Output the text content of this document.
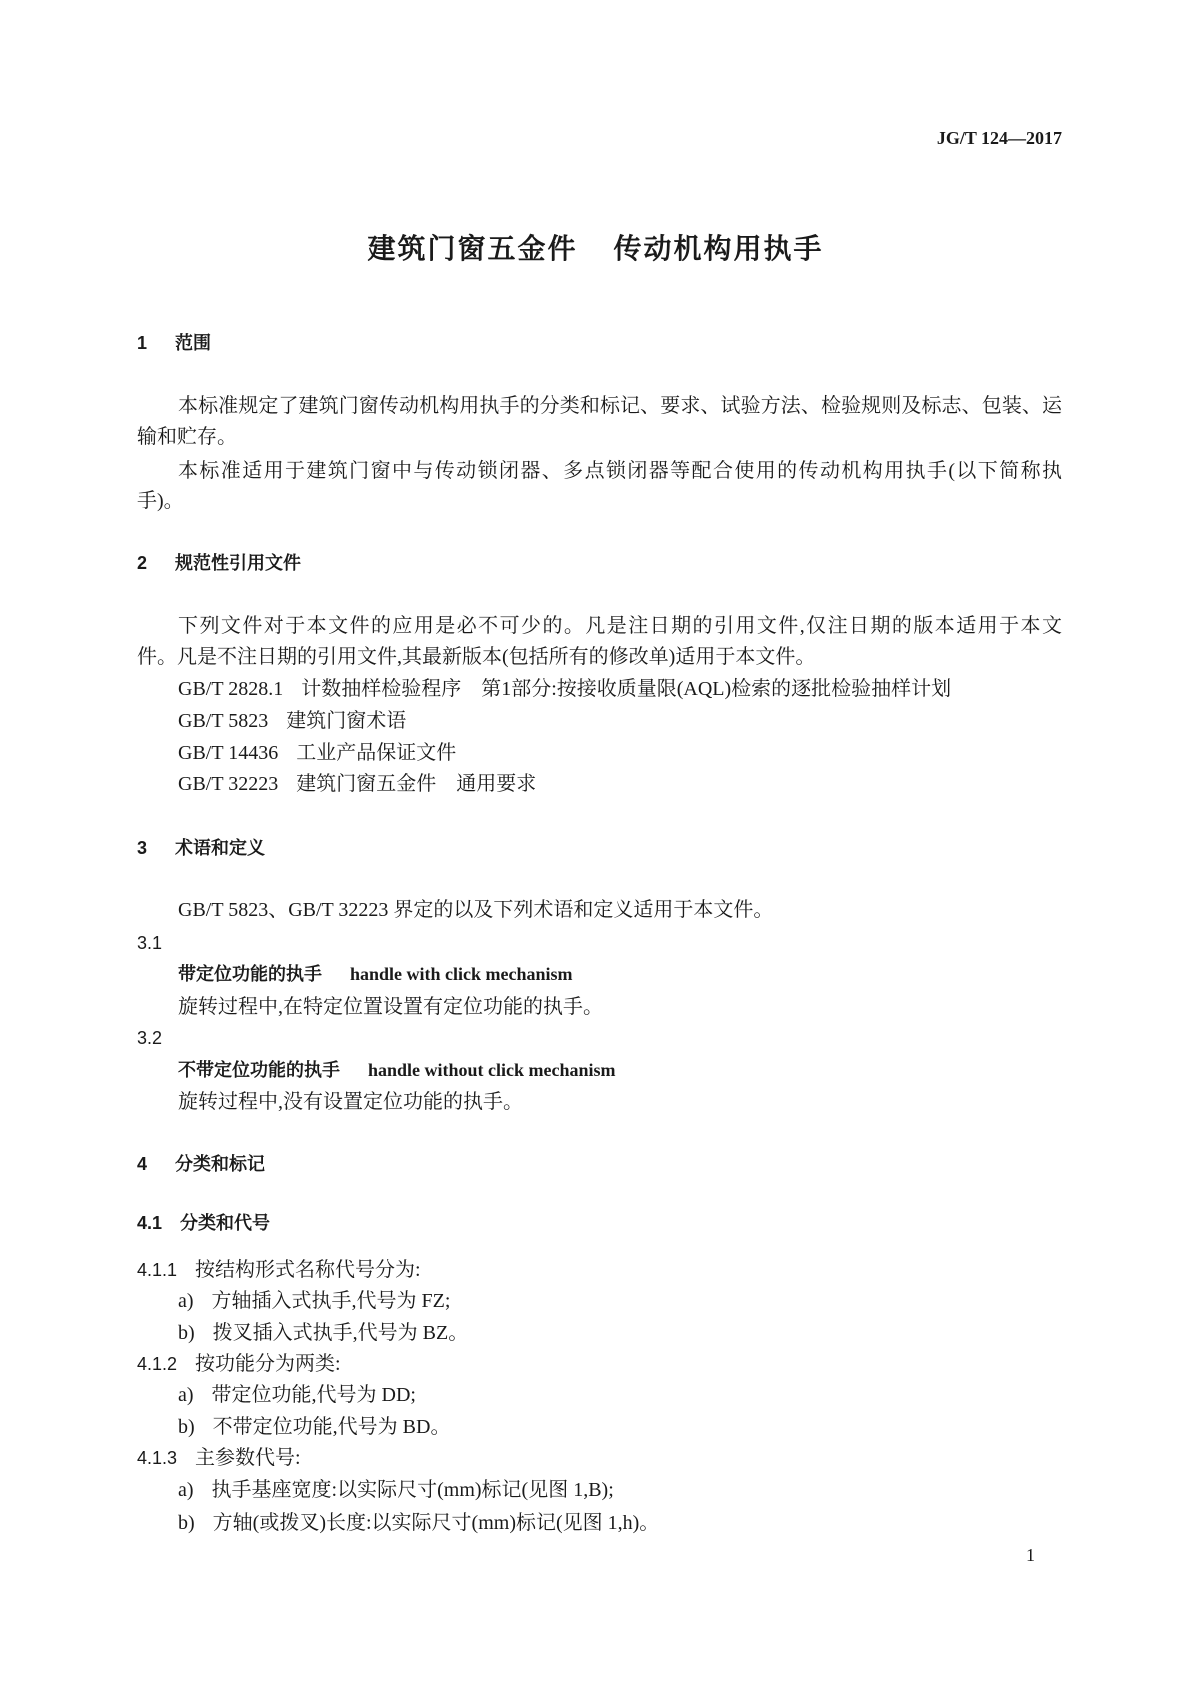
JG/T 124—2017
建筑门窗五金件 传动机构用执手
1 范围
本标准规定了建筑门窗传动机构用执手的分类和标记、要求、试验方法、检验规则及标志、包装、运
输和贮存。
本标准适用于建筑门窗中与传动锁闭器、多点锁闭器等配合使用的传动机构用执手(以下简称执
手)。
2 规范性引用文件
下列文件对于本文件的应用是必不可少的。凡是注日期的引用文件,仅注日期的版本适用于本文
件。凡是不注日期的引用文件,其最新版本(包括所有的修改单)适用于本文件。
GB/T 2828.1 计数抽样检验程序　第1部分:按接收质量限(AQL)检索的逐批检验抽样计划
GB/T 5823 建筑门窗术语
GB/T 14436 工业产品保证文件
GB/T 32223 建筑门窗五金件　通用要求
3 术语和定义
GB/T 5823、GB/T 32223 界定的以及下列术语和定义适用于本文件。
3.1
带定位功能的执手 handle with click mechanism
旋转过程中,在特定位置设置有定位功能的执手。
3.2
不带定位功能的执手 handle without click mechanism
旋转过程中,没有设置定位功能的执手。
4 分类和标记
4.1 分类和代号
4.1.1 按结构形式名称代号分为:
a) 方轴插入式执手,代号为 FZ;
b) 拨叉插入式执手,代号为 BZ。
4.1.2 按功能分为两类:
a) 带定位功能,代号为 DD;
b) 不带定位功能,代号为 BD。
4.1.3 主参数代号:
a) 执手基座宽度:以实际尺寸(mm)标记(见图 1,B);
b) 方轴(或拨叉)长度:以实际尺寸(mm)标记(见图 1,h)。
1
